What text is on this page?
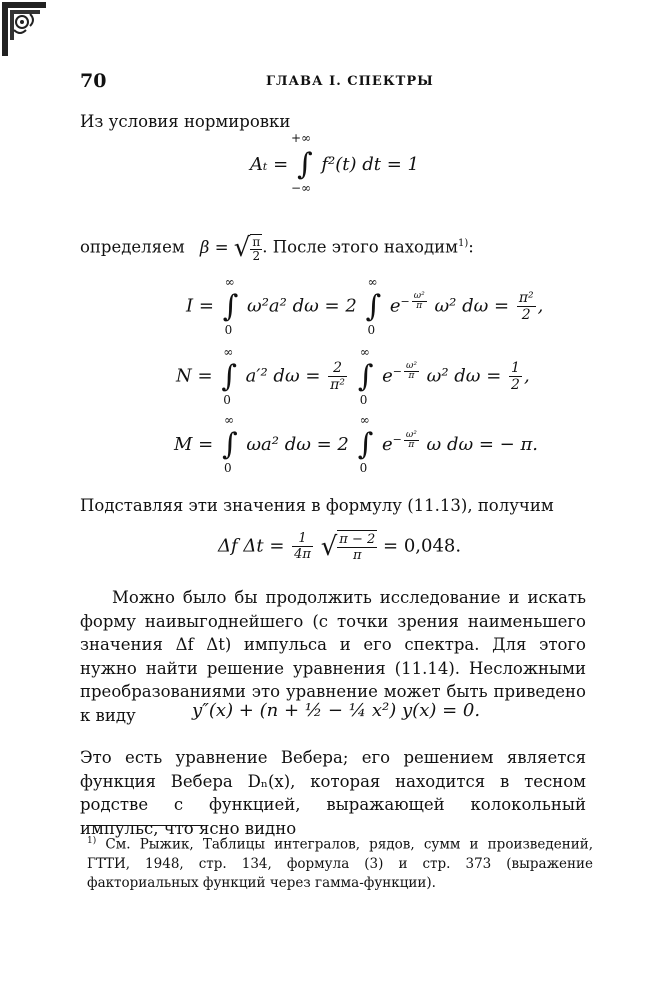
70	ГЛАВА I. СПЕКТРЫ
Из условия нормировки
Aₜ = ∫
+∞
−∞
f²(t) dt = 1
определяем β = √ $\frac{\pi}{2}$ . После этого находим$^{1)}$:
I = ∫
∞
0
ω²a² dω = 2 ∫
∞
0
$e^{- \frac{\text{ω²}}{\pi}}$ ω² $d\omega = \frac{\text{π²}}{2}$ ,
N = ∫
∞
0
a′² $d\omega = \frac{2}{\text{π²}}$ ∫
∞
0
$e^{- \frac{\text{ω²}}{\pi}}$ ω² $d\omega = \frac{1}{2}$ ,
M = ∫
∞
0
ωa² dω = 2 ∫
∞
0
$e^{- \frac{\text{ω²}}{\pi}}$ ω dω = − π.
Подставляя эти значения в формулу (11.13), получим
Δf $\Delta t = \frac{1}{4\pi}$ √ $\frac{\pi - 2}{\pi} = 0,048$.
Можно было бы продолжить исследование и искать форму наивыгоднейшего (с точки зрения наименьшего значения Δf Δt) импульса и его спектра. Для этого нужно найти решение уравнения (11.14). Несложными преобразованиями это уравнение может быть приведено к виду	y″(x) + (n + ½ − ¼ x²) y(x) = 0.
Это есть уравнение Вебера; его решением является функция Вебера Dₙ(x), которая находится в тесном родстве с функцией, выражающей колокольный импульс, что ясно видно
$^{1)}$ См. Рыжик, Таблицы интегралов, рядов, сумм и произведений, ГТТИ, 1948, стр. 134, формула (3) и стр. 373 (выражение факториальных функций через гамма-функции).
